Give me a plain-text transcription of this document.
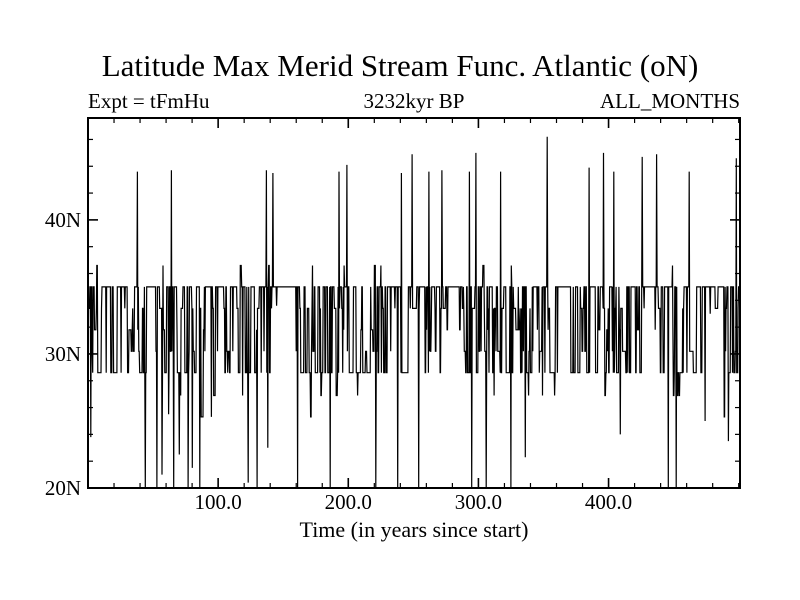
Latitude Max Merid Stream Func. Atlantic (oN)
Expt = tFmHu	3232kyr BP	ALL_MONTHS
100.0	200.0	300.0	400.0
20N
30N
40N
Time (in years since start)
